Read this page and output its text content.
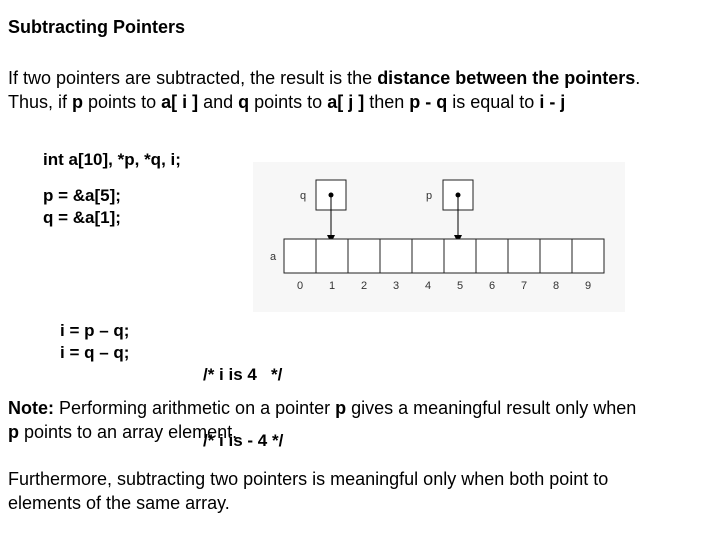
Subtracting Pointers
If two pointers are subtracted, the result is the distance between the pointers.
Thus, if p points to a[ i ] and q points to a[ j ] then p - q is equal to i - j
int a[10], *p, *q, i;
p = &a[5];
q = &a[1];
q	p
a
0 1 2 3 4 5 6 7 8 9
i = p – q;
i = q – q;

/* i is 4   */

/* i is - 4 */

Note: Performing arithmetic on a pointer p gives a meaningful result only when
p points to an array element.
Furthermore, subtracting two pointers is meaningful only when both point to
elements of the same array.
